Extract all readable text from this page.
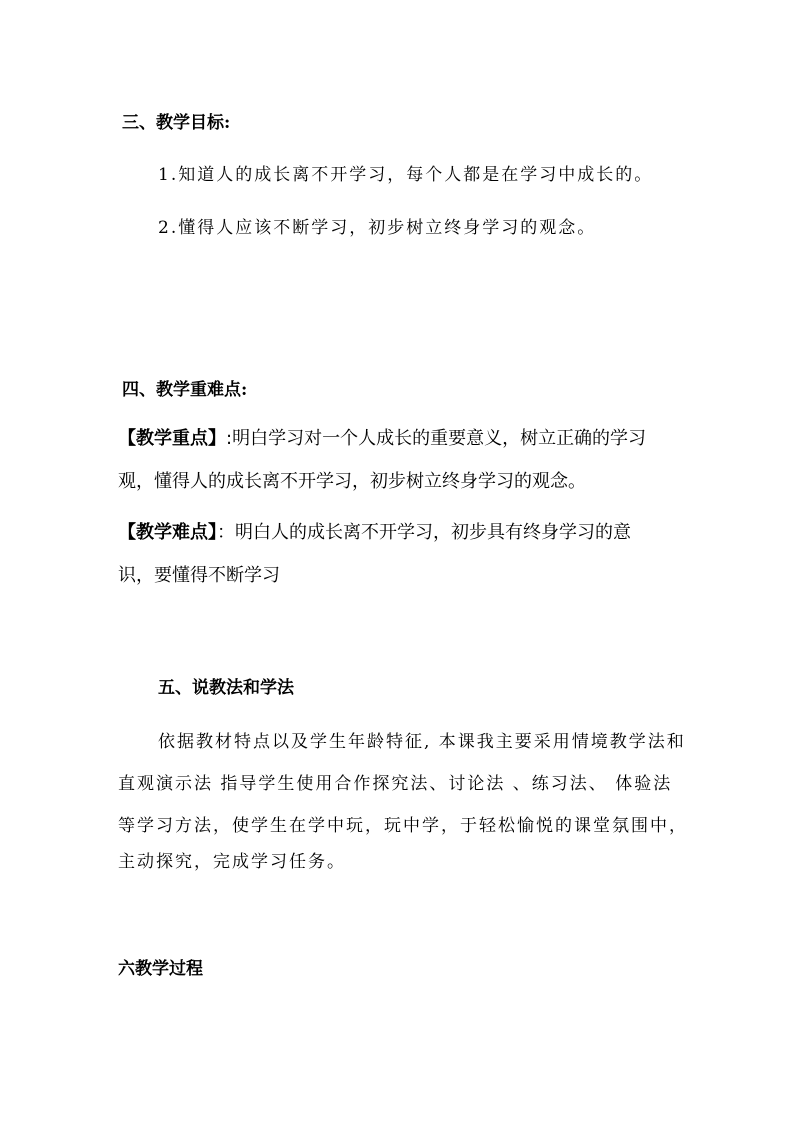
三、教学目标:
1.知道人的成长离不开学习，每个人都是在学习中成长的。
2.懂得人应该不断学习，初步树立终身学习的观念。
四、教学重难点:
【教学重点】:明白学习对一个人成长的重要意义，树立正确的学习
观，懂得人的成长离不开学习，初步树立终身学习的观念。
【教学难点】：明白人的成长离不开学习，初步具有终身学习的意
识，要懂得不断学习
五、说教法和学法
依据教材特点以及学生年龄特征, 本课我主要采用情境教学法和
直观演示法 指导学生使用合作探究法、讨论法 、练习法、 体验法
等学习方法，使学生在学中玩，玩中学，于轻松愉悦的课堂氛围中，
主动探究，完成学习任务。
六教学过程
